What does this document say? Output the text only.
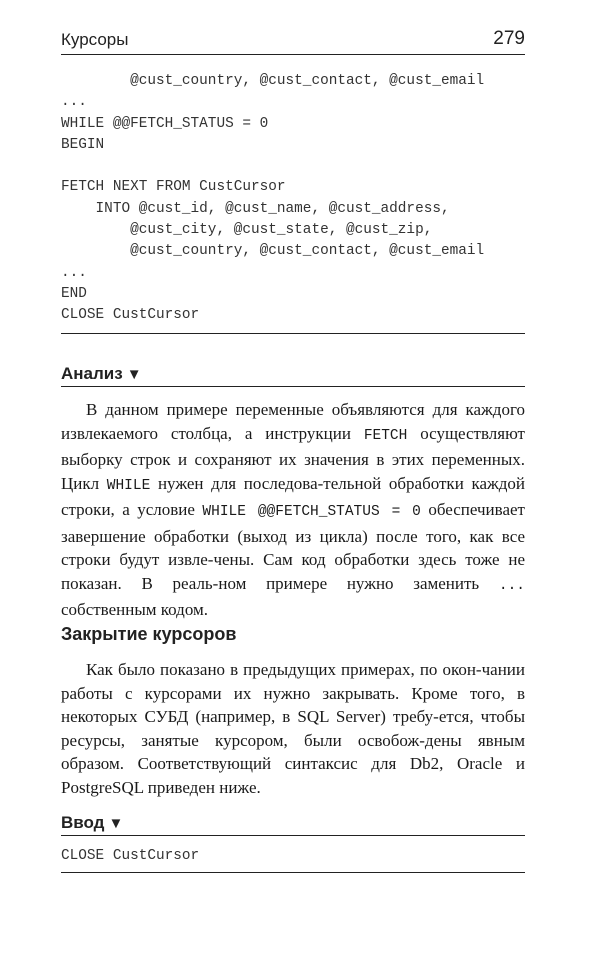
Курсоры	279
@cust_country, @cust_contact, @cust_email
...
WHILE @@FETCH_STATUS = 0
BEGIN

FETCH NEXT FROM CustCursor
INTO @cust_id, @cust_name, @cust_address,
@cust_city, @cust_state, @cust_zip,
@cust_country, @cust_contact, @cust_email
...
END
CLOSE CustCursor
Анализ ▼

В данном примере переменные объявляются для каждого извлекаемого столбца, а инструкции FETCH осуществляют выборку строк и сохраняют их значения в этих переменных. Цикл WHILE нужен для последова-тельной обработки каждой строки, а условие WHILE @@FETCH_STATUS = 0 обеспечивает завершение обработки (выход из цикла) после того, как все строки будут извле-чены. Сам код обработки здесь тоже не показан. В реаль-ном примере нужно заменить ... собственным кодом.

Закрытие курсоров

Как было показано в предыдущих примерах, по окон-чании работы с курсорами их нужно закрывать. Кроме того, в некоторых СУБД (например, в SQL Server) требу-ется, чтобы ресурсы, занятые курсором, были освобож-дены явным образом. Соответствующий синтаксис для Db2, Oracle и PostgreSQL приведен ниже.

Ввод ▼
CLOSE CustCursor
